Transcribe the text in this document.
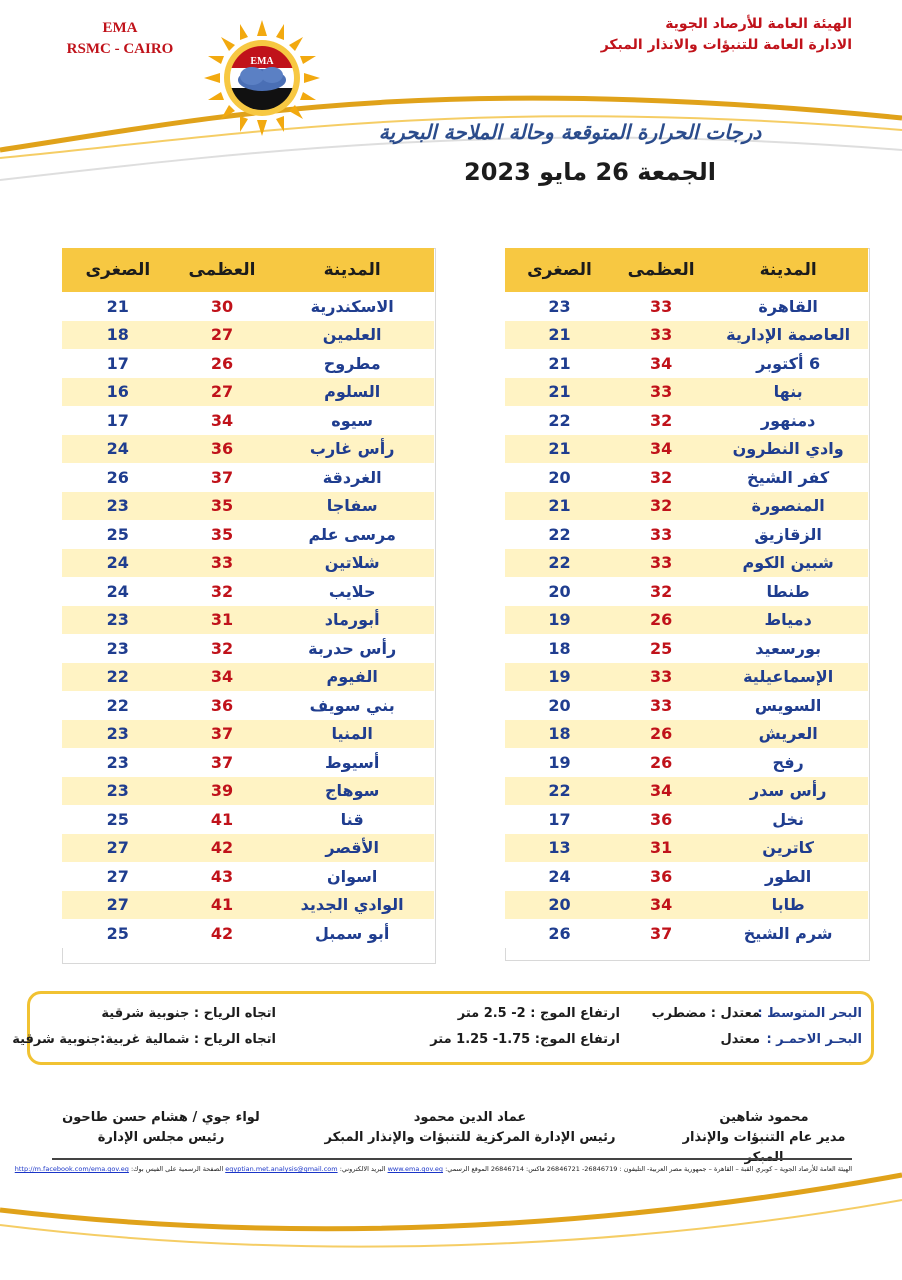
EMA
RSMC - CAIRO
EMA
الهيئة العامة للأرصاد الجوية
الادارة العامة للتنبؤات والانذار المبكر
درجات الحرارة المتوقعة وحالة الملاحة البحرية
الجمعة 26 مايو 2023
المدينة	العظمى	الصغرى
القاهرة	33	23
العاصمة الإدارية	33	21
6 أكتوبر	34	21
بنها	33	21
دمنهور	32	22
وادي النطرون	34	21
كفر الشيخ	32	20
المنصورة	32	21
الزقازيق	33	22
شبين الكوم	33	22
طنطا	32	20
دمياط	26	19
بورسعيد	25	18
الإسماعيلية	33	19
السويس	33	20
العريش	26	18
رفح	26	19
رأس سدر	34	22
نخل	36	17
كاترين	31	13
الطور	36	24
طابا	34	20
شرم الشيخ	37	26
المدينة	العظمى	الصغرى
الاسكندرية	30	21
العلمين	27	18
مطروح	26	17
السلوم	27	16
سيوه	34	17
رأس غارب	36	24
الغردقة	37	26
سفاجا	35	23
مرسى علم	35	25
شلاتين	33	24
حلايب	32	24
أبورماد	31	23
رأس حدربة	32	23
الفيوم	34	22
بني سويف	36	22
المنيا	37	23
أسيوط	37	23
سوهاج	39	23
قنا	41	25
الأقصر	42	27
اسوان	43	27
الوادي الجديد	41	27
أبو سمبل	42	25
البحر المتوسط :
معتدل : مضطرب
ارتفاع الموج : 2- 2.5 متر
اتجاه الرياح : جنوبية شرقية
البحـر الاحمـر :
معتدل
ارتفاع الموج: 1.75- 1.25 متر
اتجاه الرياح : شمالية غربية:جنوبية شرقية
محمود شاهين
مدير عام التنبؤات والإنذار المبكر
عماد الدين محمود
رئيس الإدارة المركزية للتنبؤات والإنذار المبكر
لواء جوي / هشام حسن طاحون
رئيس مجلس الإدارة
الهيئة العامة للأرصاد الجوية – كوبري القبة – القاهرة – جمهورية مصر العربية- التليفون : 26846719- 26846721 فاكس: 26846714 الموقع الرسمي: www.ema.gov.eg البريد الالكتروني: egyptian.met.analysis@gmail.com الصفحة الرسمية على الفيس بوك: http://m.facebook.com/ema.gov.eg
